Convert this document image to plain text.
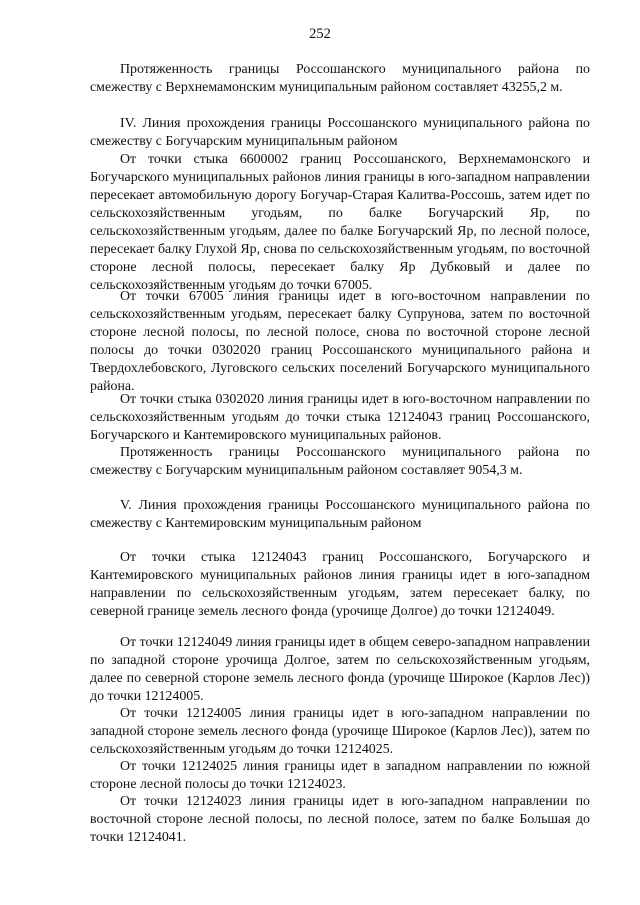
252

Протяженность границы Россошанского муниципального района по смежеству с Верхнемамонским муниципальным районом составляет 43255,2 м.

IV. Линия прохождения границы Россошанского муниципального района по смежеству с Богучарским муниципальным районом

От точки стыка 6600002 границ Россошанского, Верхнемамонского и Богучарского муниципальных районов линия границы в юго-западном направлении пересекает автомобильную дорогу Богучар-Старая Калитва-Россошь, затем идет по сельскохозяйственным угодьям, по балке Богучарский Яр, по сельскохозяйственным угодьям, далее по балке Богучарский Яр, по лесной полосе, пересекает балку Глухой Яр, снова по сельскохозяйственным угодьям, по восточной стороне лесной полосы, пересекает балку Яр Дубковый и далее по сельскохозяйственным угодьям до точки 67005.

От точки 67005 линия границы идет в юго-восточном направлении по сельскохозяйственным угодьям, пересекает балку Супрунова, затем по восточной стороне лесной полосы, по лесной полосе, снова по восточной стороне лесной полосы до точки 0302020 границ Россошанского муниципального района и Твердохлебовского, Луговского сельских поселений Богучарского муниципального района.

От точки стыка 0302020 линия границы идет в юго-восточном направлении по сельскохозяйственным угодьям до точки стыка 12124043 границ Россошанского, Богучарского и Кантемировского муниципальных районов.

Протяженность границы Россошанского муниципального района по смежеству с Богучарским муниципальным районом составляет 9054,3 м.

V. Линия прохождения границы Россошанского муниципального района по смежеству с Кантемировским муниципальным районом

От точки стыка 12124043 границ Россошанского, Богучарского и Кантемировского муниципальных районов линия границы идет в юго-западном направлении по сельскохозяйственным угодьям, затем пересекает балку, по северной границе земель лесного фонда (урочище Долгое) до точки 12124049.

От точки 12124049 линия границы идет в общем северо-западном направлении по западной стороне урочища Долгое, затем по сельскохозяйственным угодьям, далее по северной стороне земель лесного фонда (урочище Широкое (Карлов Лес)) до точки 12124005.

От точки 12124005 линия границы идет в юго-западном направлении по западной стороне земель лесного фонда (урочище Широкое (Карлов Лес)), затем по сельскохозяйственным угодьям до точки 12124025.

От точки 12124025 линия границы идет в западном направлении по южной стороне лесной полосы до точки 12124023.

От точки 12124023 линия границы идет в юго-западном направлении по восточной стороне лесной полосы, по лесной полосе, затем по балке Большая до точки 12124041.
